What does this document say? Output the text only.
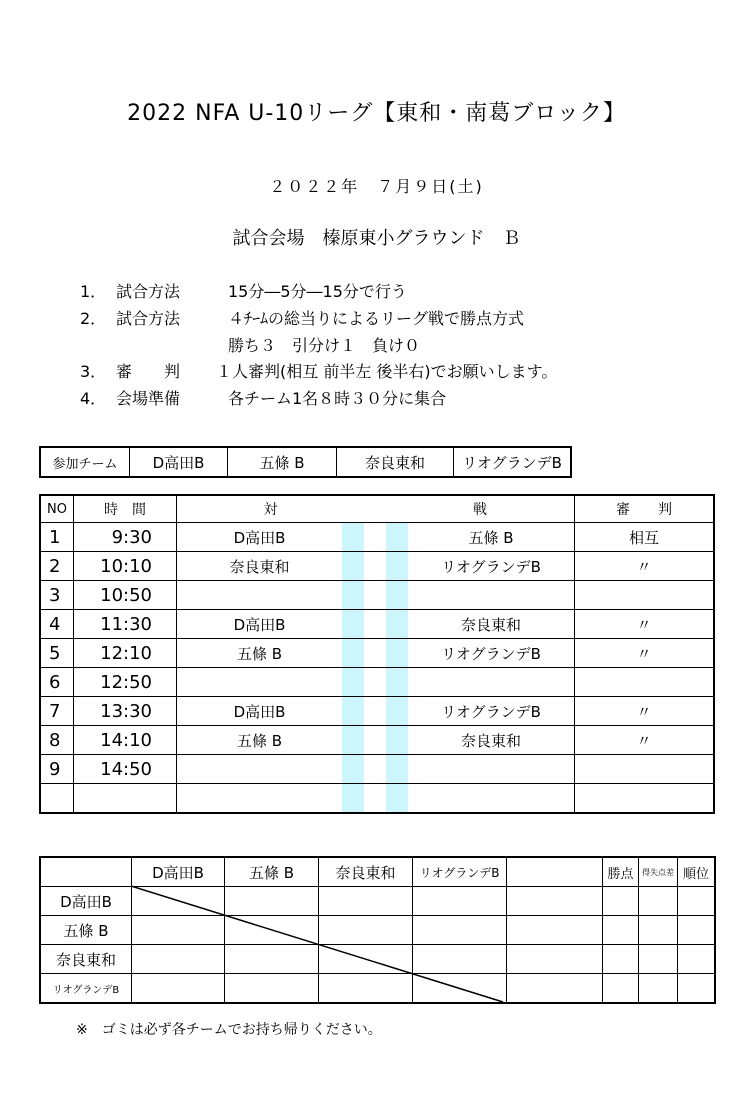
2022 NFA U-10リーグ【東和・南葛ブロック】
２０２２年　７月９日(土)
試合会場　榛原東小グラウンド　Ｂ
1． 試合方法	15分―5分―15分で行う
2． 試合方法	４ﾁｰﾑの総当りによるリーグ戦で勝点方式
勝ち３　引分け１　負け０
3． 審　　判 １人審判(相互 前半左 後半右)でお願いします。
4． 会場準備	各チーム1名８時３０分に集合
参加チーム	D高田B	五條 B	奈良東和	リオグランデB
NO	時　間	対			戦		審　　判
1	9:30	D高田B				五條 B	相互
2	10:10	奈良東和				リオグランデB	〃
3	10:50						
4	11:30	D高田B				奈良東和	〃
5	12:10	五條 B				リオグランデB	〃
6	12:50						
7	13:30	D高田B				リオグランデB	〃
8	14:10	五條 B				奈良東和	〃
9	14:50						

	D高田B	五條 B	奈良東和	リオグランデB		勝点	得失点差	順位
D高田B								
五條 B								
奈良東和								
リオグランデB								
※　ゴミは必ず各チームでお持ち帰りください。
